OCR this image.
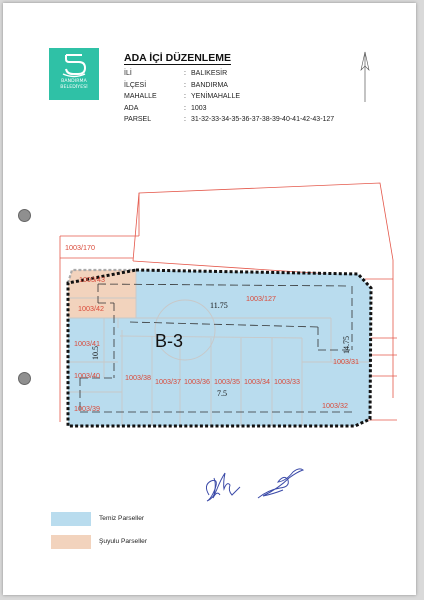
BANDIRMA
BELEDİYESİ
ADA İÇİ DÜZENLEME
İLİ	: BALIKESİR
İLÇESİ	: BANDIRMA
MAHALLE	: YENİMAHALLE
ADA	: 1003
PARSEL	: 31-32-33-34-35-36-37-38-39-40-41-42-43-127
1003/170
1003/43
1003/42
1003/127
1003/41
1003/40
1003/39
1003/38 1003/37 1003/36 1003/35 1003/34 1003/33
1003/31
1003/32
B-3
11.75
14.75
10.5
7.5
Temiz Parseller
Şuyulu Parseller
